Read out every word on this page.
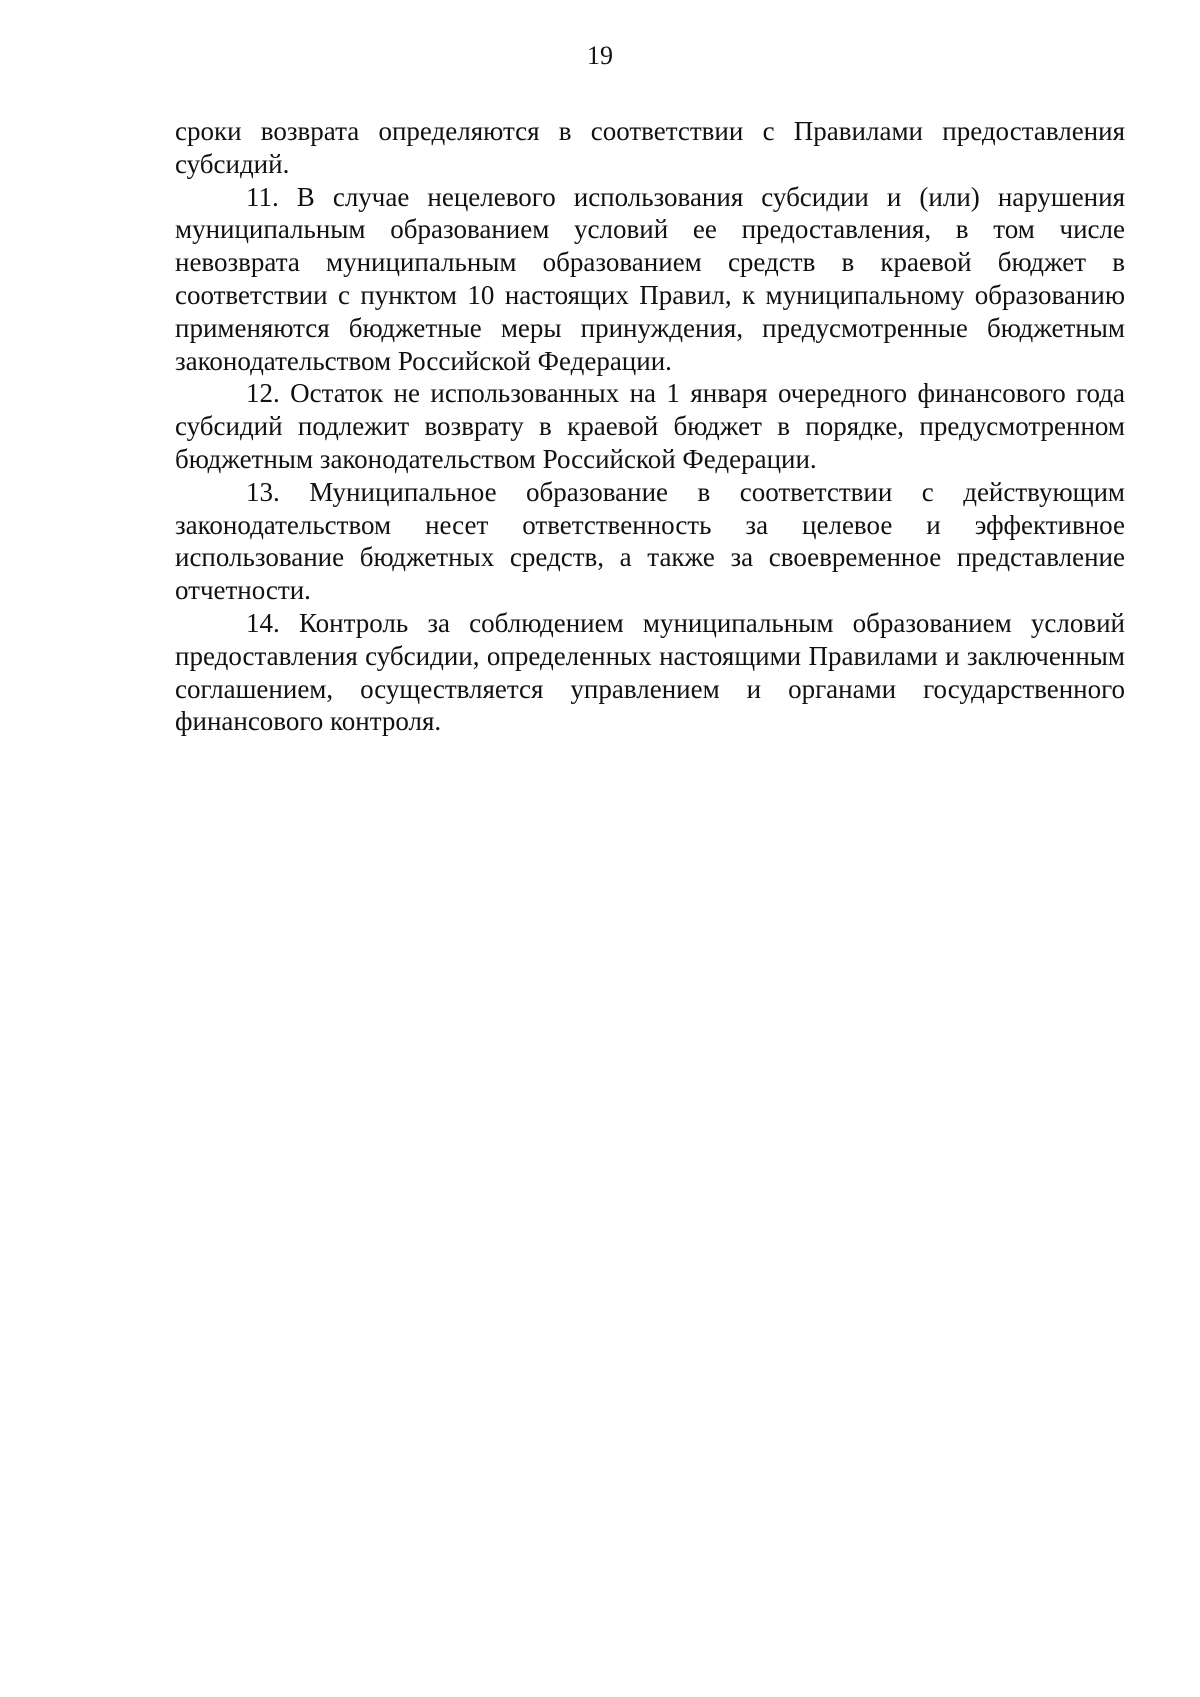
19

сроки возврата определяются в соответствии с Правилами предоставления субсидий.

11. В случае нецелевого использования субсидии и (или) нарушения муниципальным образованием условий ее предоставления, в том числе невозврата муниципальным образованием средств в краевой бюджет в соответствии с пунктом 10 настоящих Правил, к муниципальному образованию применяются бюджетные меры принуждения, предусмотренные бюджетным законодательством Российской Федерации.

12. Остаток не использованных на 1 января очередного финансового года субсидий подлежит возврату в краевой бюджет в порядке, предусмотренном бюджетным законодательством Российской Федерации.

13. Муниципальное образование в соответствии с действующим законодательством несет ответственность за целевое и эффективное использование бюджетных средств, а также за своевременное представление отчетности.

14. Контроль за соблюдением муниципальным образованием условий предоставления субсидии, определенных настоящими Правилами и заключенным соглашением, осуществляется управлением и органами государственного финансового контроля.
